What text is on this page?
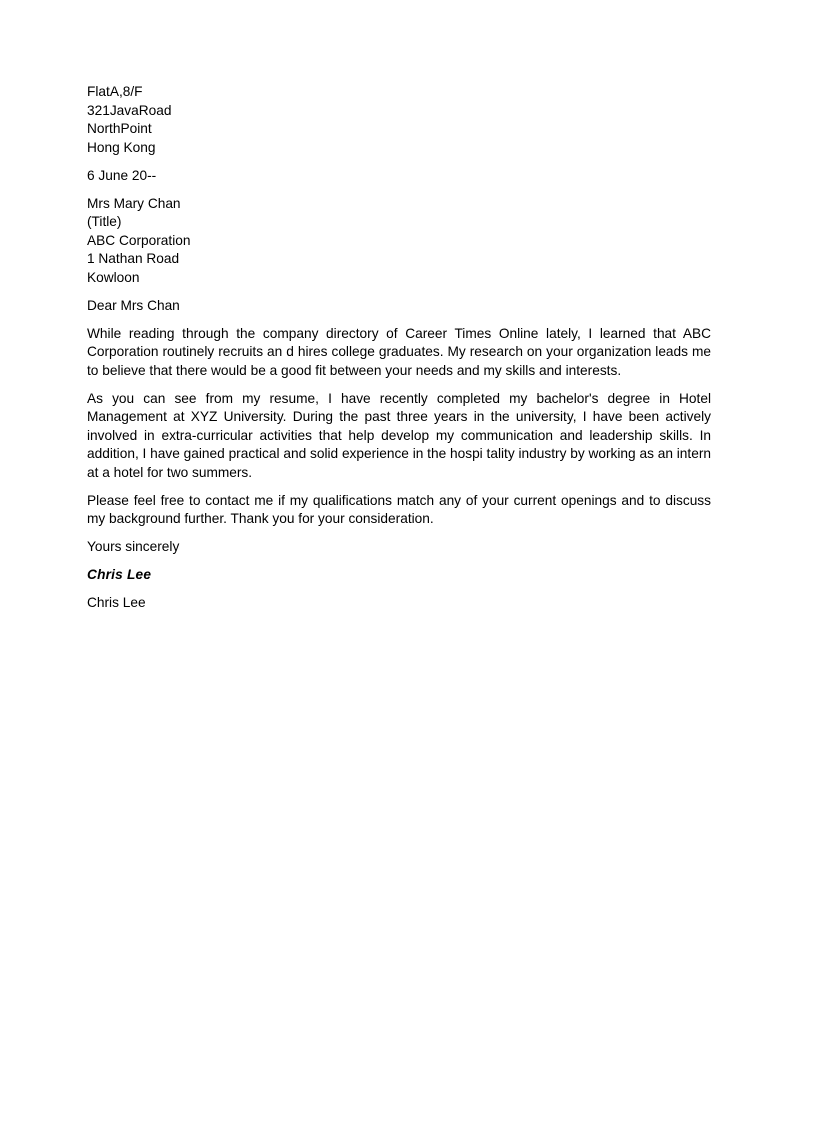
FlatA,8/F
321JavaRoad
NorthPoint
Hong Kong
6 June 20--
Mrs Mary Chan
(Title)
ABC Corporation
1 Nathan Road
Kowloon
Dear Mrs Chan

While reading through the company directory of Career Times Online lately, I learned that ABC Corporation routinely recruits an d hires college graduates. My research on your organization leads me to believe that there would be a good fit between your needs and my skills and interests.

As you can see from my resume, I have recently completed my bachelor's degree in Hotel Management at XYZ University. During the past three years in the university, I have been actively involved in extra-curricular activities that help develop my communication and leadership skills. In addition, I have gained practical and solid experience in the hospi tality industry by working as an intern at a hotel for two summers.

Please feel free to contact me if my qualifications match any of your current openings and to discuss my background further. Thank you for your consideration.

Yours sincerely
Chris Lee
Chris Lee
